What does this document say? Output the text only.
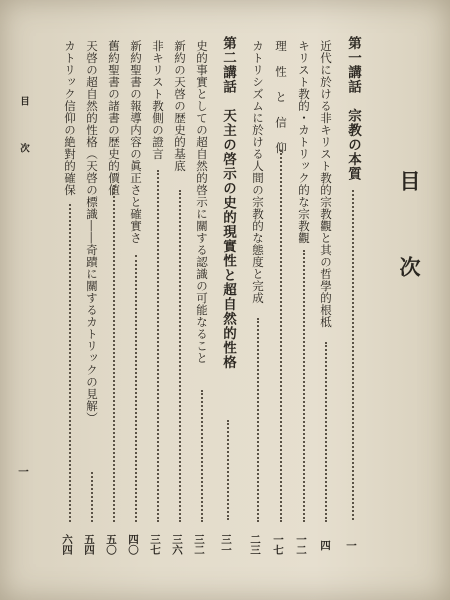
目　次
第一講話　宗教の本質
一
近代に於ける非キリスト教的宗教觀と其の哲學的根柢
四
キリスト教的・カトリック的な宗教觀
一二
理性と信仰
一七
カトリシズムに於ける人間の宗教的な態度と完成
二三
第二講話　天主の啓示の史的現實性と超自然的性格
三一
史的事實としての超自然的啓示に關する認識の可能なること
三二
新約の天啓の歴史的基底
三六
非キリスト教側の證言
三七
新約聖書の報導内容の眞正さと確實さ
四〇
舊約聖書の諸書の歴史的價値
五〇
天啓の超自然的性格（天啓の標識――奇蹟に關するカトリックの見解）
五四
カトリック信仰の絶對的確保
六四
目　次
一
